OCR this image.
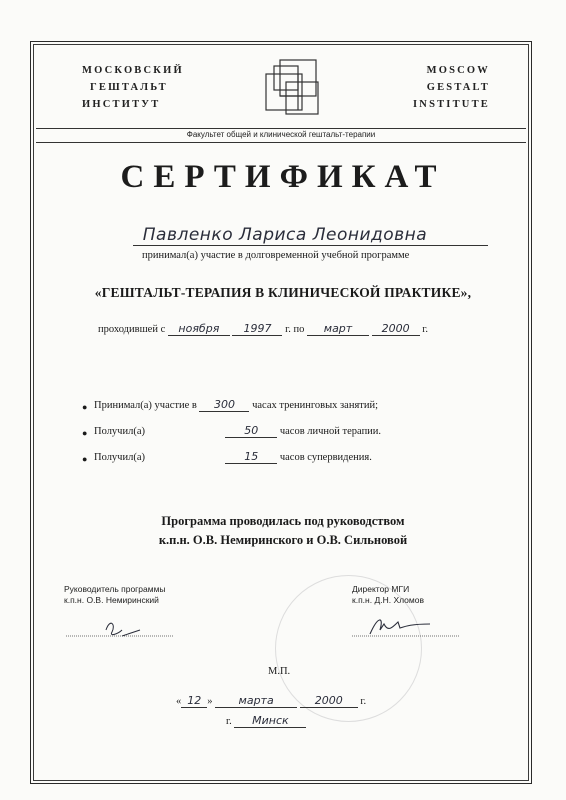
МОСКОВСКИЙ
ГЕШТАЛЬТ
ИНСТИТУТ
MOSCOW
GESTALT
INSTITUTE
Факультет общей и клинической гештальт-терапии
СЕРТИФИКАТ
Павленко Лариса Леонидовна
принимал(а) участие в долговременной учебной программе
«ГЕШТАЛЬТ-ТЕРАПИЯ В КЛИНИЧЕСКОЙ ПРАКТИКЕ»,
проходившей с ноября 1997 г. по март	2000 г.
● Принимал(а) участие в 300 часах тренинговых занятий;
● Получил(а)	50 часов личной терапии.
● Получил(а)	15 часов супервидения.
Программа проводилась под руководством
к.п.н. О.В. Немиринского и О.В. Сильновой
Руководитель программы
к.п.н. О.В. Немиринский
Директор МГИ
к.п.н. Д.Н. Хломов
М.П.
« 12 » марта	2000 г.
г. Минск
